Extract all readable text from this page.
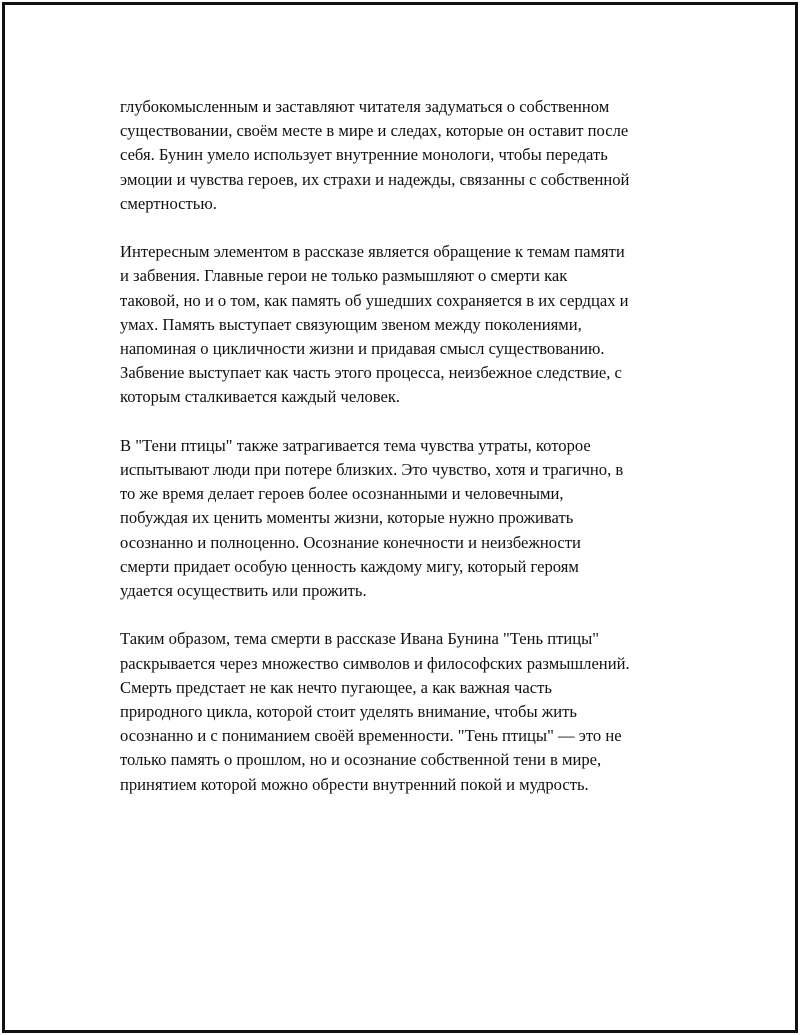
глубокомысленным и заставляют читателя задуматься о собственном
существовании, своём месте в мире и следах, которые он оставит после
себя. Бунин умело использует внутренние монологи, чтобы передать
эмоции и чувства героев, их страхи и надежды, связанны с собственной
смертностью.

Интересным элементом в рассказе является обращение к темам памяти
и забвения. Главные герои не только размышляют о смерти как
таковой, но и о том, как память об ушедших сохраняется в их сердцах и
умах. Память выступает связующим звеном между поколениями,
напоминая о цикличности жизни и придавая смысл существованию.
Забвение выступает как часть этого процесса, неизбежное следствие, с
которым сталкивается каждый человек.

В "Тени птицы" также затрагивается тема чувства утраты, которое
испытывают люди при потере близких. Это чувство, хотя и трагично, в
то же время делает героев более осознанными и человечными,
побуждая их ценить моменты жизни, которые нужно проживать
осознанно и полноценно. Осознание конечности и неизбежности
смерти придает особую ценность каждому мигу, который героям
удается осуществить или прожить.

Таким образом, тема смерти в рассказе Ивана Бунина "Тень птицы"
раскрывается через множество символов и философских размышлений.
Смерть предстает не как нечто пугающее, а как важная часть
природного цикла, которой стоит уделять внимание, чтобы жить
осознанно и с пониманием своёй временности. "Тень птицы" — это не
только память о прошлом, но и осознание собственной тени в мире,
принятием которой можно обрести внутренний покой и мудрость.
